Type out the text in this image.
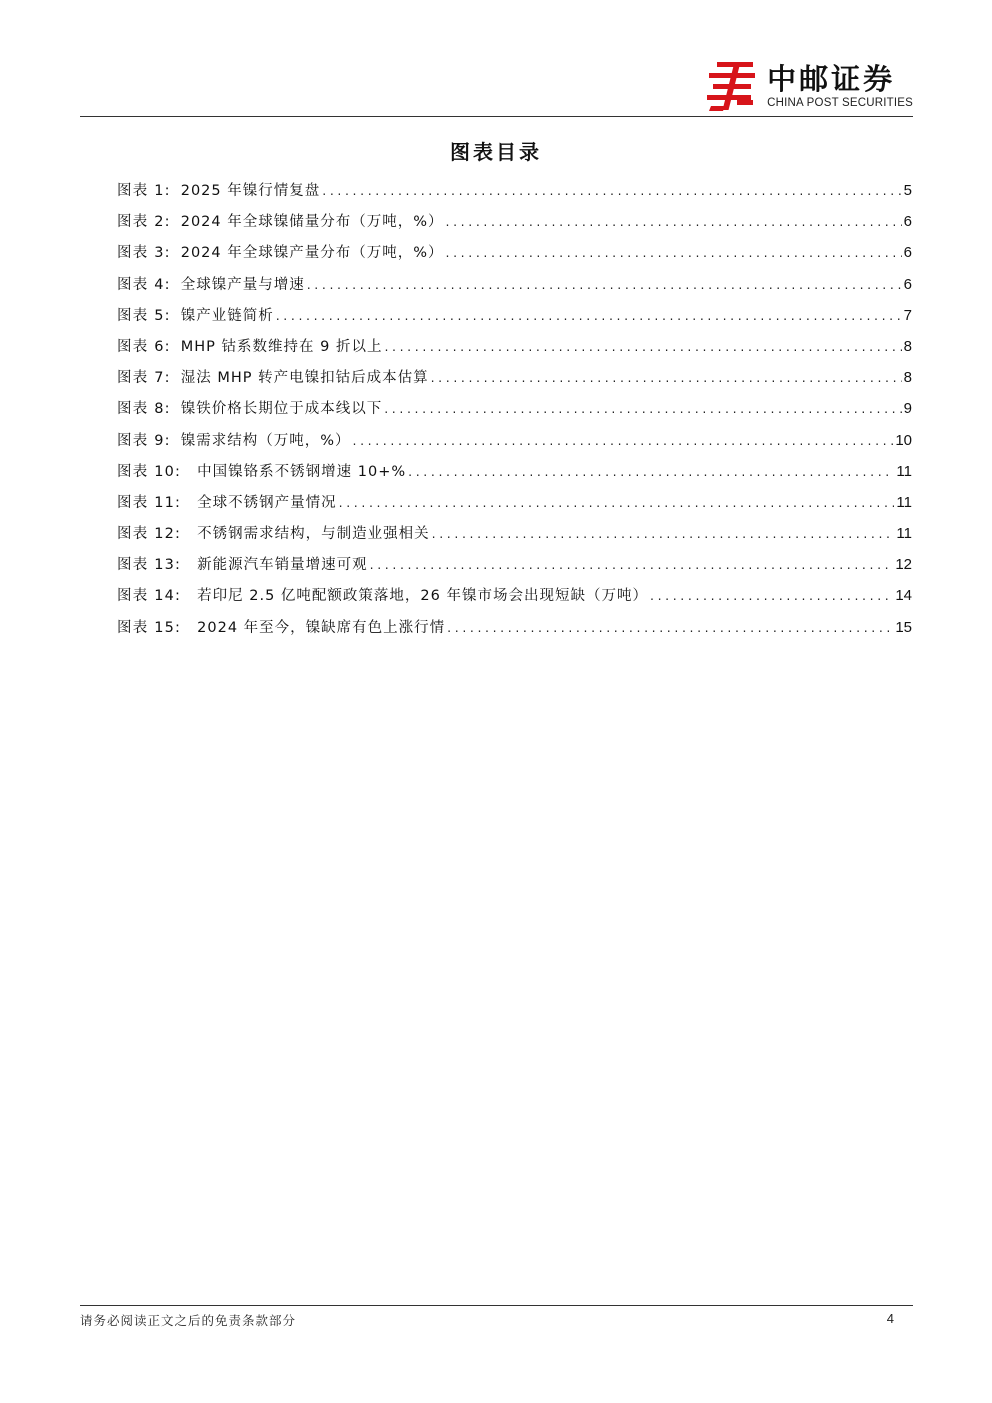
中邮证券
CHINA POST SECURITIES
图表目录
图表 1: 2025 年镍行情复盘 .....	5
图表 2: 2024 年全球镍储量分布（万吨，%） .....	6
图表 3: 2024 年全球镍产量分布（万吨，%） .....	6
图表 4: 全球镍产量与增速 .....	6
图表 5: 镍产业链简析 .....	7
图表 6: MHP 钴系数维持在 9 折以上 .....	8
图表 7: 湿法 MHP 转产电镍扣钴后成本估算 .....	8
图表 8: 镍铁价格长期位于成本线以下 .....	9
图表 9: 镍需求结构（万吨，%） .....	10
图表 10: 中国镍铬系不锈钢增速 10+% .....	11
图表 11: 全球不锈钢产量情况 .....	11
图表 12: 不锈钢需求结构，与制造业强相关 .....	11
图表 13: 新能源汽车销量增速可观 .....	12
图表 14: 若印尼 2.5 亿吨配额政策落地，26 年镍市场会出现短缺（万吨） .....	14
图表 15: 2024 年至今，镍缺席有色上涨行情 .....	15
请务必阅读正文之后的免责条款部分	4
